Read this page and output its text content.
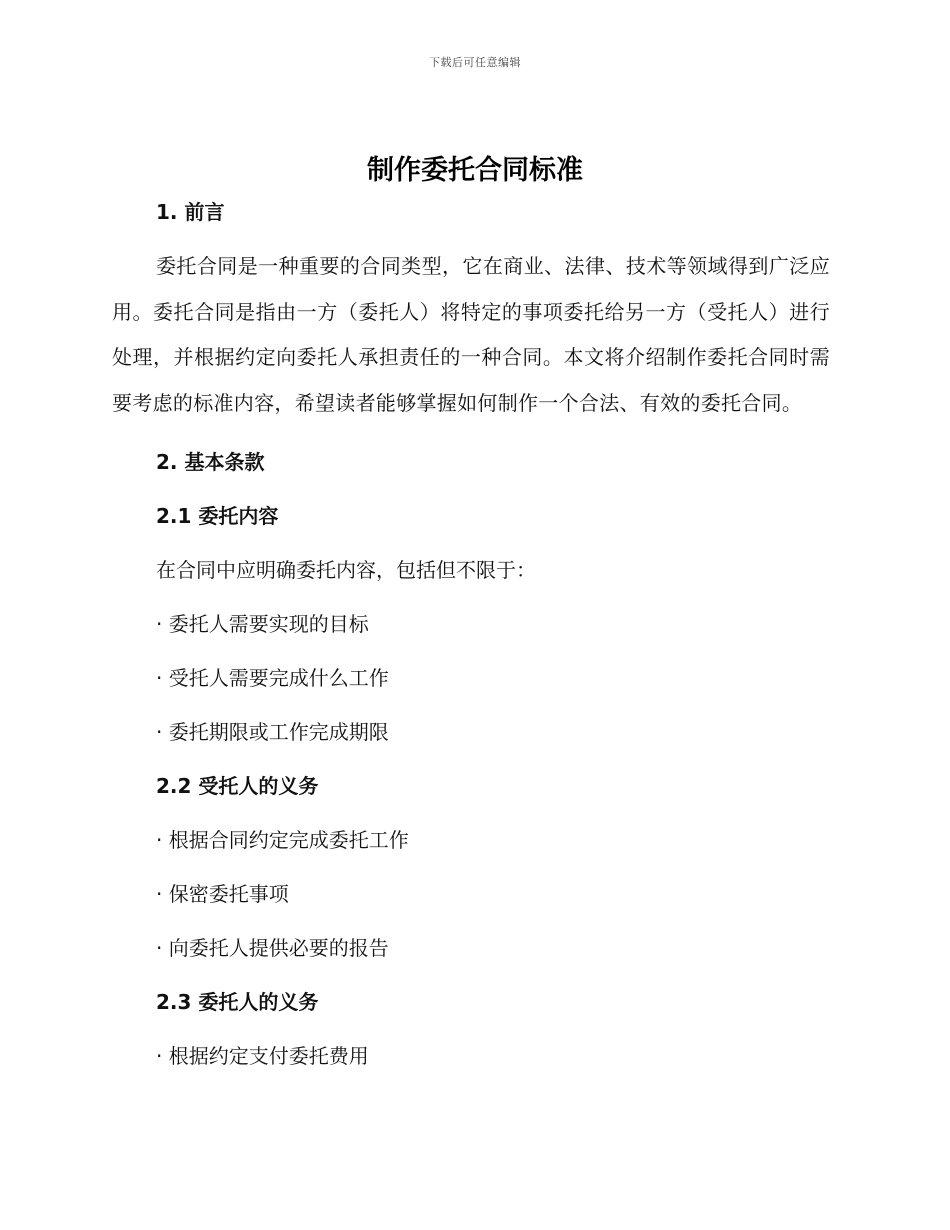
下载后可任意编辑
制作委托合同标准
1. 前言

委托合同是一种重要的合同类型，它在商业、法律、技术等领域得到广泛应用。委托合同是指由一方（委托人）将特定的事项委托给另一方（受托人）进行处理，并根据约定向委托人承担责任的一种合同。本文将介绍制作委托合同时需要考虑的标准内容，希望读者能够掌握如何制作一个合法、有效的委托合同。

2. 基本条款
2.1 委托内容

在合同中应明确委托内容，包括但不限于：

· 委托人需要实现的目标

· 受托人需要完成什么工作

· 委托期限或工作完成期限

2.2 受托人的义务

· 根据合同约定完成委托工作

· 保密委托事项

· 向委托人提供必要的报告

2.3 委托人的义务

· 根据约定支付委托费用
